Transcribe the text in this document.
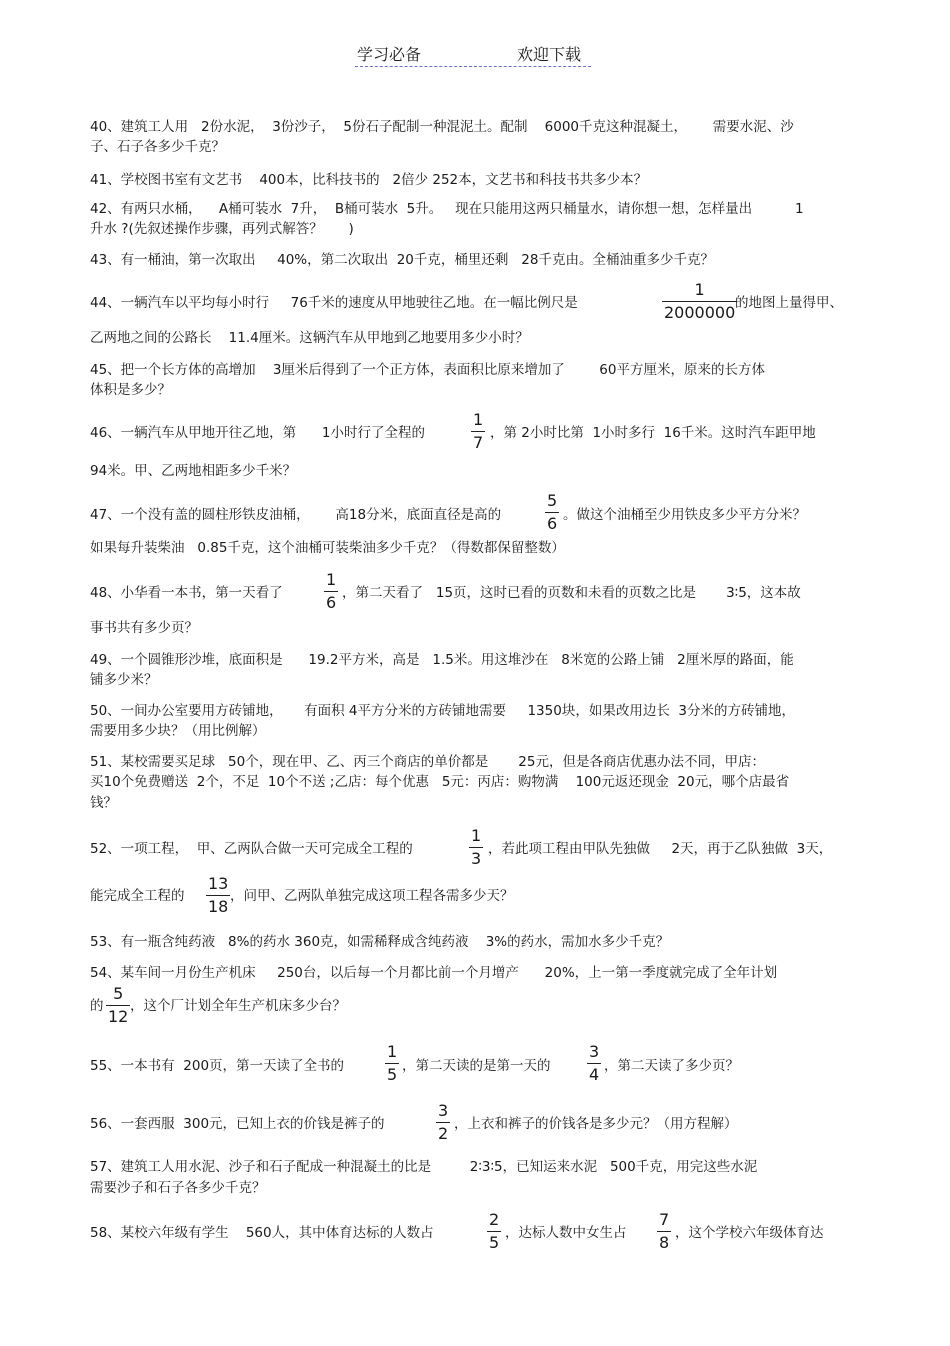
学习必备	欢迎下载
40、建筑工人用   2份水泥，  3份沙子，  5份石子配制一种混泥土。配制    6000千克这种混凝土，      需要水泥、沙
子、石子各多少千克？
41、学校图书室有文艺书    400本，比科技书的   2倍少 252本，文艺书和科技书共多少本？
42、有两只水桶，    A桶可装水  7升，  B桶可装水  5升。   现在只能用这两只桶量水，请你想一想，怎样量出          1
升水 ?(先叙述操作步骤，再列式解答？      )
43、有一桶油，第一次取出     40%，第二次取出  20千克，桶里还剩   28千克由。全桶油重多少千克？
44、一辆汽车以平均每小时行     76千米的速度从甲地驶往乙地。在一幅比例尺是
1
2000000 的地图上量得甲、
乙两地之间的公路长    11.4厘米。这辆汽车从甲地到乙地要用多少小时？
45、把一个长方体的高增加    3厘米后得到了一个正方体，表面积比原来增加了        60平方厘米，原来的长方体
体积是多少？
46、一辆汽车从甲地开往乙地，第      1小时行了全程的
1
7 ，第 2小时比第  1小时多行  16千米。这时汽车距甲地
94米。甲、乙两地相距多少千米？
47、一个没有盖的圆柱形铁皮油桶，      高18分米，底面直径是高的
5
6 。做这个油桶至少用铁皮多少平方分米？
如果每升装柴油   0.85千克，这个油桶可装柴油多少千克？（得数都保留整数）
48、小华看一本书，第一天看了
1
6 ，第二天看了   15页，这时已看的页数和未看的页数之比是       3∶5，这本故
事书共有多少页？
49、一个圆锥形沙堆，底面积是      19.2平方米，高是   1.5米。用这堆沙在   8米宽的公路上铺   2厘米厚的路面，能
铺多少米？
50、一间办公室要用方砖铺地，     有面积 4平方分米的方砖铺地需要     1350块，如果改用边长  3分米的方砖铺地，
需要用多少块？（用比例解）
51、某校需要买足球   50个，现在甲、乙、丙三个商店的单价都是       25元，但是各商店优惠办法不同，甲店：
买10个免费赠送  2个，不足  10个不送 ;乙店：每个优惠   5元：丙店：购物满    100元返还现金  20元，哪个店最省
钱？
52、一项工程，  甲、乙两队合做一天可完成全工程的
1
3 ，若此项工程由甲队先独做     2天，再于乙队独做  3天，
能完成全工程的
13
18
，问甲、乙两队单独完成这项工程各需多少天？
53、有一瓶含纯药液   8%的药水 360克，如需稀释成含纯药液    3%的药水，需加水多少千克？
54、某车间一月份生产机床     250台，以后每一个月都比前一个月增产      20%，上一第一季度就完成了全年计划
的
5
12
，这个厂计划全年生产机床多少台？
55、一本书有  200页，第一天读了全书的
1
5 ，第二天读的是第一天的
3
4 ，第二天读了多少页？
56、一套西服  300元，已知上衣的价钱是裤子的
3
2 ，上衣和裤子的价钱各是多少元？（用方程解）
57、建筑工人用水泥、沙子和石子配成一种混凝土的比是         2∶3∶5，已知运来水泥   500千克，用完这些水泥
需要沙子和石子各多少千克？
58、某校六年级有学生    560人，其中体育达标的人数占
2
5 ，达标人数中女生占
7
8 ，这个学校六年级体育达
